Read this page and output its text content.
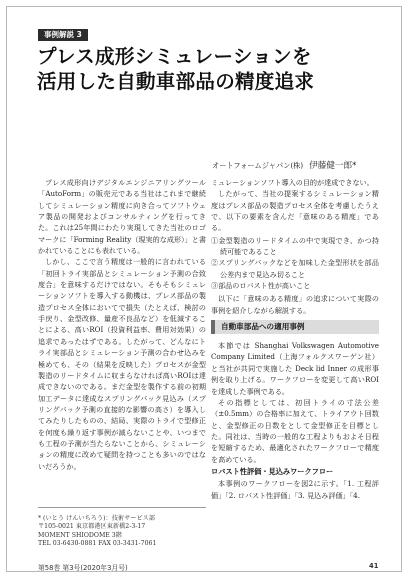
事例解説 3
プレス成形シミュレーションを
活用した自動車部品の精度追求
オートフォームジャパン(株) 伊藤健一郎*

プレス成形向けデジタルエンジニアリングツール「AutoForm」の販売元である当社はこれまで継続してシミュレーション精度に向き合ってソフトウェア製品の開発およびコンサルティングを行ってきた。これは25年間にわたり実現してきた当社のロゴマークに「Forming Reality（現実的な成形）」と書かれていることにも表れている。

しかし、ここで言う精度は一般的に言われている「初回トライ実部品とシミュレーション予測の合致度合」を意味するだけではない。そもそもシミュレーションソフトを導入する動機は、プレス部品の製造プロセス全体においてで損失（たとえば、検討の手戻り、金型改修、量産不良品など）を低減することによる、高いROI（投資利益率、費用対効果）の追求であったはずである。したがって、どんなにトライ実部品とシミュレーション予測の合わせ込みを極めても、その（結果を反映した）プロセスが金型製造のリードタイムに収まらなければ高いROIは達成できないのである。まだ金型を製作する前の初期加工データに達成なスプリングバック見込み（スプリングバック予測の直接的な影響の高さ）を導入してみたりしたものの、結局、実際のトライで型修正を何度も繰り返す事例が減らないことや、いつまでも工程の予測が当たらないことから、シミュレーションの精度に改めて疑問を持つことも多いのではないだろうか。

* (いとう けんいちろう)：技術サービス部
〒105-0021 東京都港区東新橋2-3-17
MOMENT SHIODOME 3階
TEL 03-6430-0881 FAX 03-3431-7061

ミュレーションソフト導入の目的が達成できない。

したがって、当社の提案するシミュレーション精度はプレス部品の製造プロセス全体を考慮したうえで、以下の要素を含んだ「意味のある精度」である。

①金型製造のリードタイムの中で実現でき、かつ持続可能であること
②スプリングバックなどを加味した金型形状を部品公差内まで見込み切ること
③部品のロバスト性が高いこと

以下に「意味のある精度」の追求について実際の事例を紹介しながら解説する。

自動車部品への適用事例

本節では Shanghai Volkswagen Automotive Company Limited（上海フォルクスワーゲン社）と当社が共同で実施した Deck lid Inner の成形事例を取り上げる。ワークフローを変更して高いROIを達成した事例である。

その指標としては、初回トライの寸法公差（±0.5mm）の合格率に加えて、トライアウト回数と、金型修正の日数をとして金型修正を目標とした。同社は、当時の一般的な工程よりもおよそ日程を短縮するため、最適化されたワークフローで精度を高めている。

ロバスト性評価・見込みワークフロー

本事例のワークフローを図2に示す。「1. 工程評価」「2. ロバスト性評価」「3. 見込み評価」「4.

第58巻 第3号(2020年3月号)	41
